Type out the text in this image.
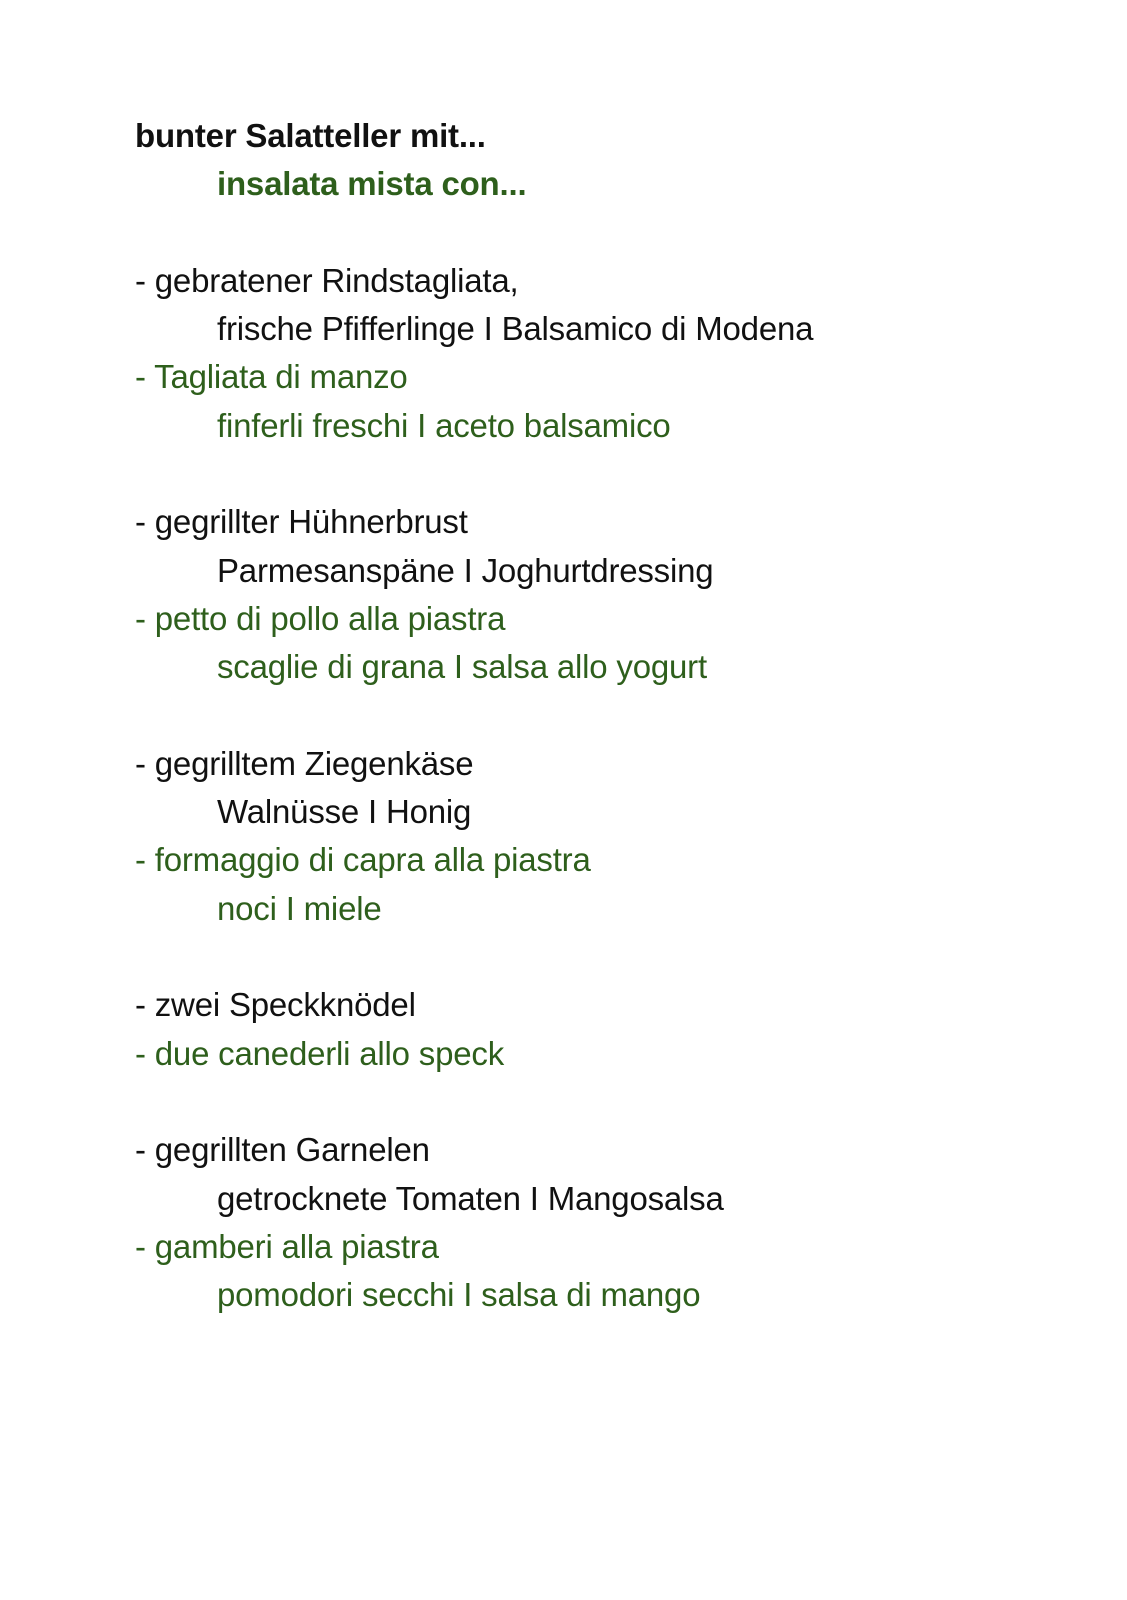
bunter Salatteller mit...
insalata mista con...
- gebratener Rindstagliata,
frische Pfifferlinge I Balsamico di Modena
- Tagliata di manzo
finferli freschi I aceto balsamico
- gegrillter Hühnerbrust
Parmesanspäne I Joghurtdressing
- petto di pollo alla piastra
scaglie di grana I salsa allo yogurt
- gegrilltem Ziegenkäse
Walnüsse I Honig
- formaggio di capra alla piastra
noci I miele
- zwei Speckknödel
- due canederli allo speck
- gegrillten Garnelen
getrocknete Tomaten I Mangosalsa
- gamberi alla piastra
pomodori secchi I salsa di mango
